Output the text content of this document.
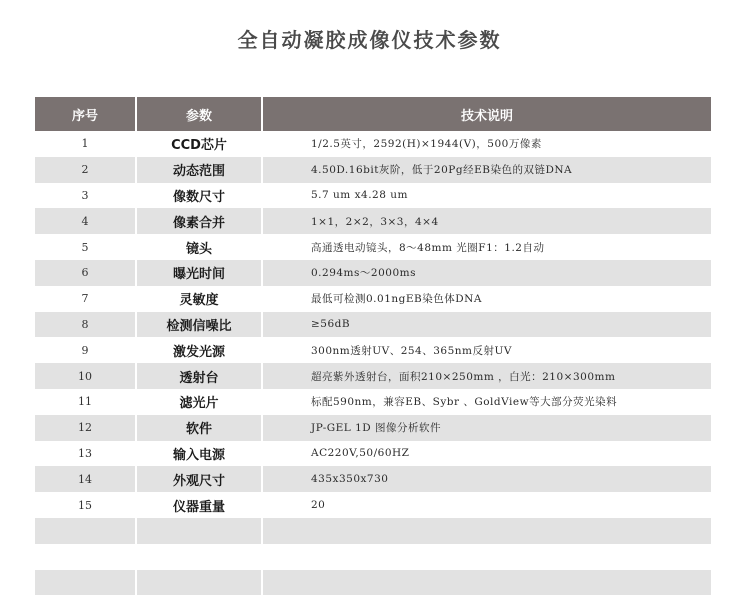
全自动凝胶成像仪技术参数
序号	参数	技术说明
1	CCD芯片	1/2.5英寸，2592(H)×1944(V)，500万像素
2	动态范围	4.50D.16bit灰阶，低于20Pg经EB染色的双链DNA
3	像数尺寸	5.7 um x4.28 um
4	像素合并	1×1，2×2，3×3，4×4
5	镜头	高通透电动镜头，8～48mm 光圈F1：1.2自动
6	曝光时间	0.294ms～2000ms
7	灵敏度	最低可检测0.01ngEB染色体DNA
8	检测信噪比	≥56dB
9	激发光源	300nm透射UV、254、365nm反射UV
10	透射台	超亮紫外透射台，面积210×250mm ，白光：210×300mm
11	滤光片	标配590nm，兼容EB、Sybr 、GoldView等大部分荧光染料
12	软件	JP-GEL 1D 图像分析软件
13	输入电源	AC220V,50/60HZ
14	外观尺寸	435x350x730
15	仪器重量	20
